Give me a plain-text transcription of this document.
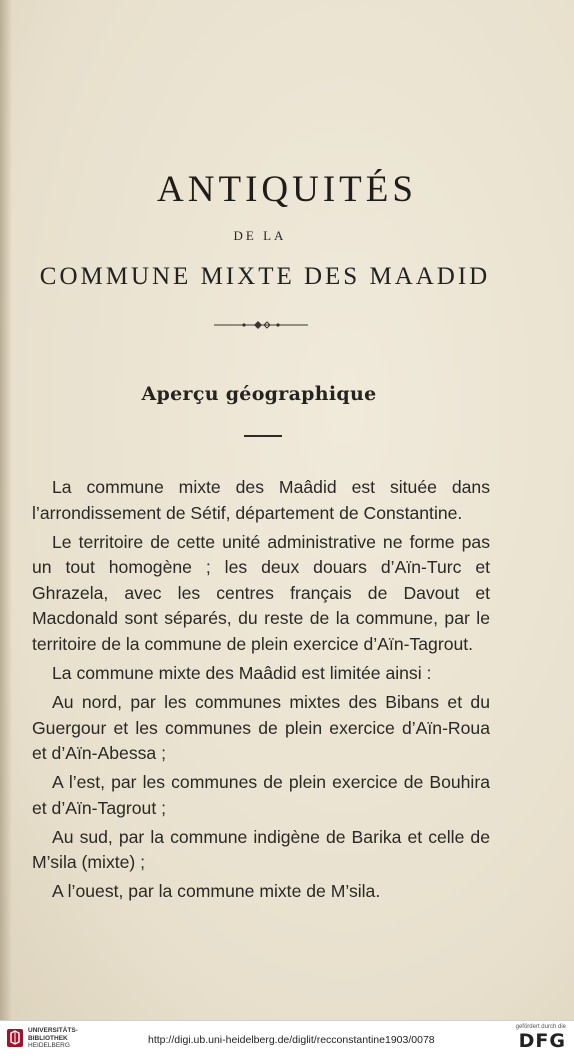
ANTIQUITÉS
DE LA
COMMUNE MIXTE DES MAADID
Aperçu géographique

La commune mixte des Maâdid est située dans l’arrondissement de Sétif, département de Constantine.

Le territoire de cette unité administrative ne forme pas un tout homogène ; les deux douars d’Aïn-Turc et Ghrazela, avec les centres français de Davout et Macdonald sont séparés, du reste de la commune, par le territoire de la commune de plein exercice d’Aïn-Tagrout.

La commune mixte des Maâdid est limitée ainsi :

Au nord, par les communes mixtes des Bibans et du Guergour et les communes de plein exercice d’Aïn-Roua et d’Aïn-Abessa ;

A l’est, par les communes de plein exercice de Bouhira et d’Aïn-Tagrout ;

Au sud, par la commune indigène de Barika et celle de M’sila (mixte) ;

A l’ouest, par la commune mixte de M’sila.

UNIVERSITÄTS-
BIBLIOTHEK
HEIDELBERG	http://digi.ub.uni-heidelberg.de/diglit/recconstantine1903/0078
gefördert durch die
DFG
